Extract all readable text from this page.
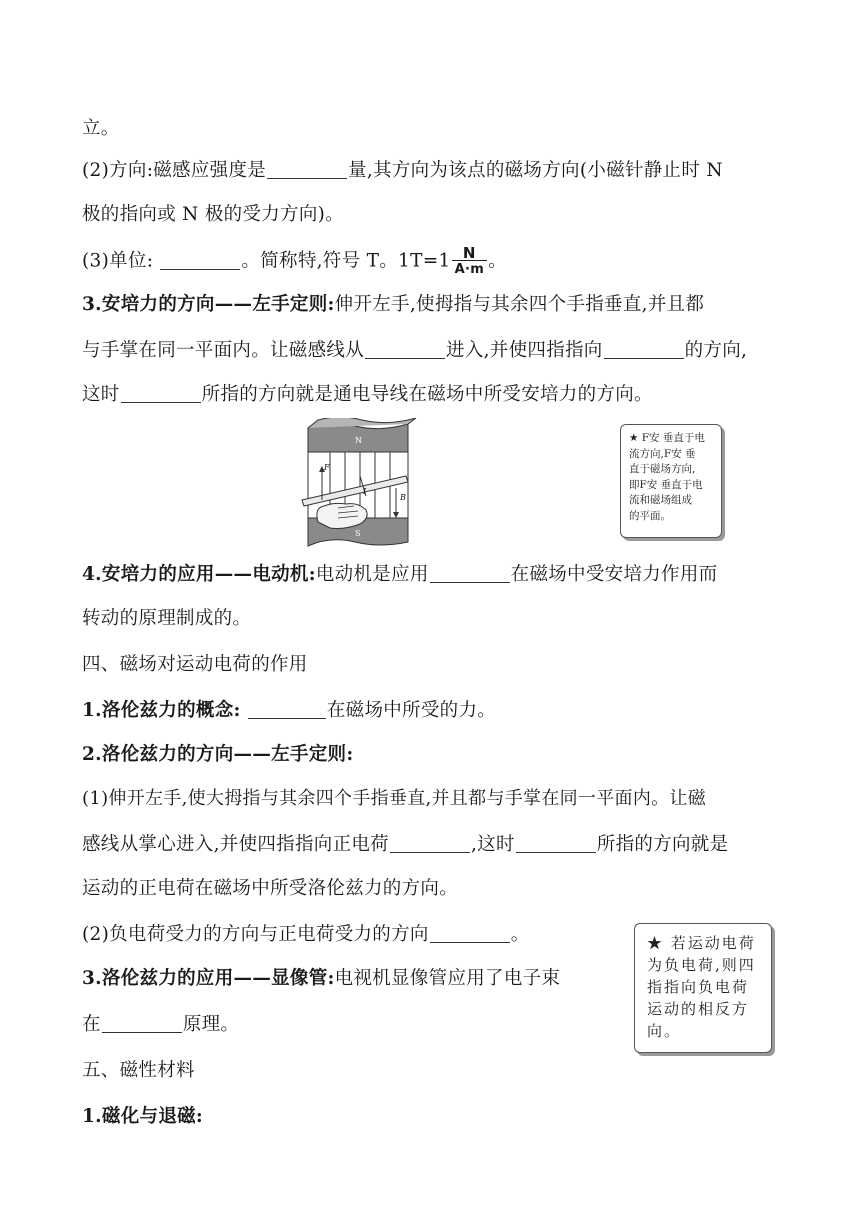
立。
(2)方向:磁感应强度是	量,其方向为该点的磁场方向(小磁针静止时 N
极的指向或 N 极的受力方向)。
(3)单位:	。简称特,符号 T。$1T=1 \frac{N}{A\cdot m}$ 。
3.安培力的方向——左手定则:伸开左手,使拇指与其余四个手指垂直,并且都
与手掌在同一平面内。让磁感线从	进入,并使四指指向	的方向,
这时	所指的方向就是通电导线在磁场中所受安培力的方向。
N
S
F
I
B
★ F安 垂直于电
流方向,F安 垂
直于磁场方向,
即F安 垂直于电
流和磁场组成
的平面。
4.安培力的应用——电动机:电动机是应用	在磁场中受安培力作用而
转动的原理制成的。
四、磁场对运动电荷的作用
1.洛伦兹力的概念:	在磁场中所受的力。
2.洛伦兹力的方向——左手定则:
(1)伸开左手,使大拇指与其余四个手指垂直,并且都与手掌在同一平面内。让磁
感线从掌心进入,并使四指指向正电荷	,这时	所指的方向就是
运动的正电荷在磁场中所受洛伦兹力的方向。
(2)负电荷受力的方向与正电荷受力的方向	。
3.洛伦兹力的应用——显像管:电视机显像管应用了电子束
在	原理。
★ 若运动电荷
为负电荷,则四
指指向负电荷
运动的相反方
向。
五、磁性材料
1.磁化与退磁:
